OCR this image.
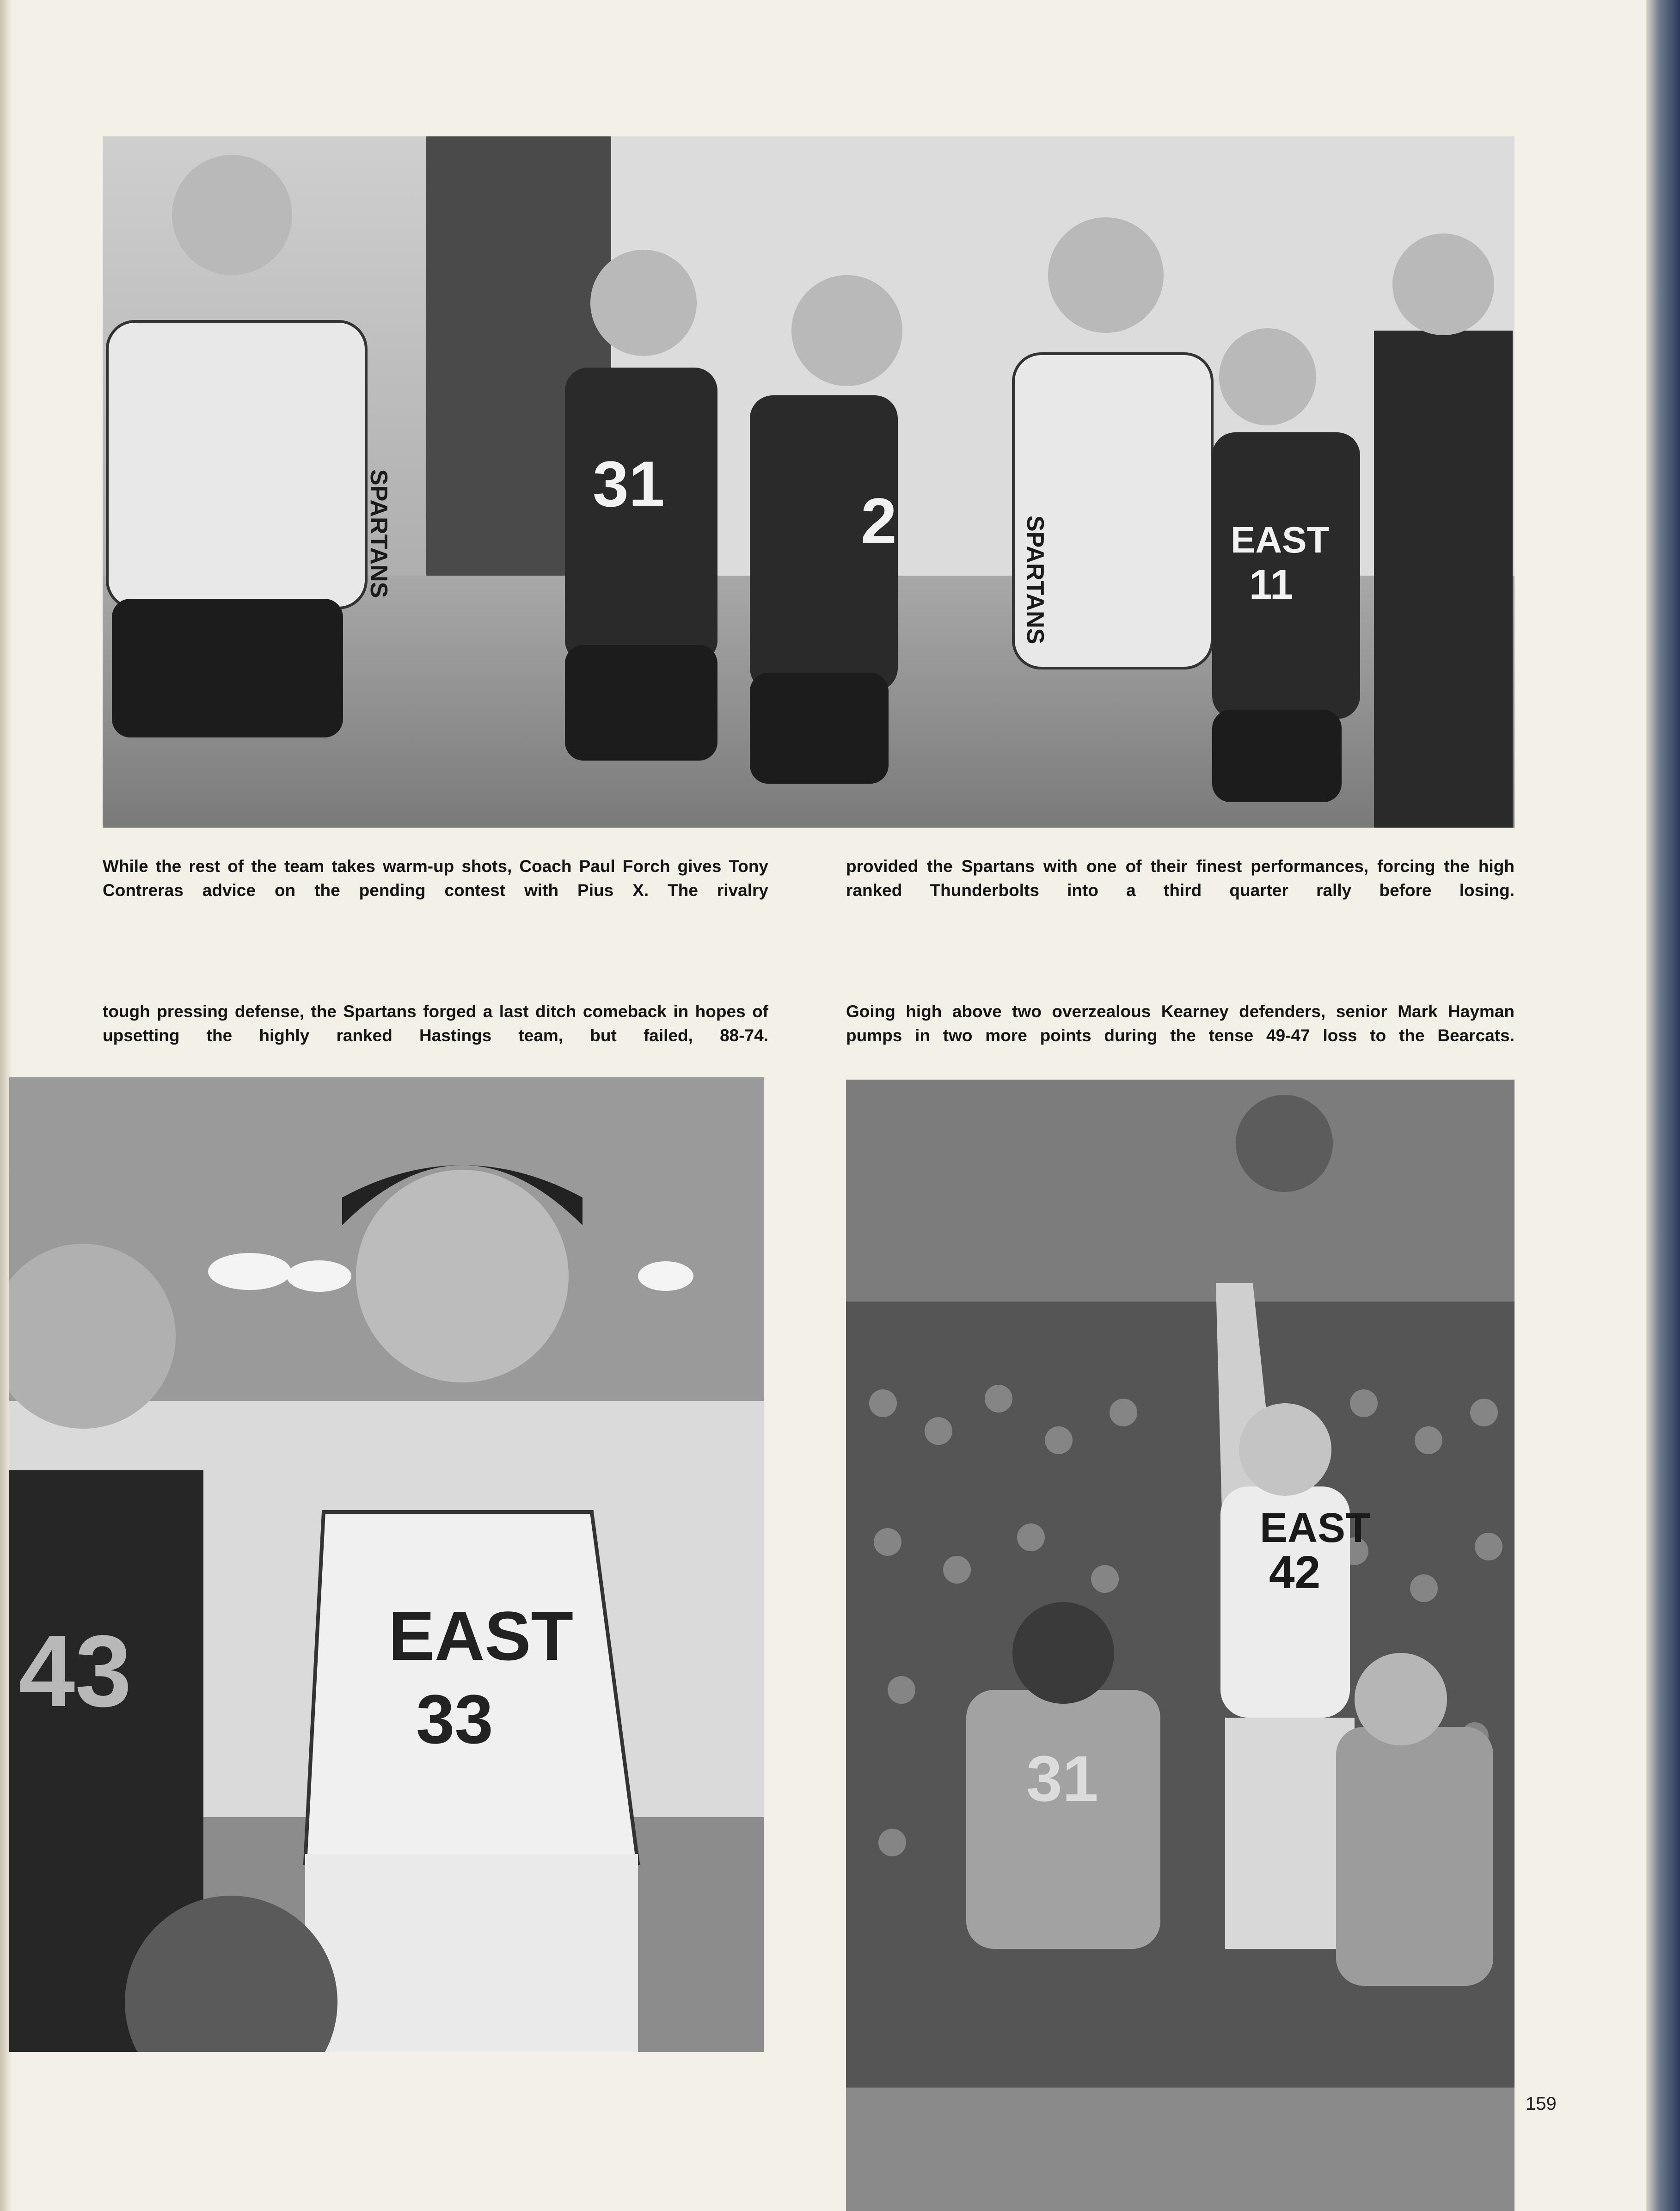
SPARTANS	31
2	SPARTANS	EAST
11

While the rest of the team takes warm-up shots, Coach Paul Forch gives Tony Contreras advice on the pending contest with Pius X. The rivalry

provided the Spartans with one of their finest performances, forcing the high ranked Thunderbolts into a third quarter rally before losing.

tough pressing defense, the Spartans forged a last ditch comeback in hopes of upsetting the highly ranked Hastings team, but failed, 88-74.

Going high above two overzealous Kearney defenders, senior Mark Hayman pumps in two more points during the tense 49-47 loss to the Bearcats.

43	EAST
33
EAST
42
31
159
